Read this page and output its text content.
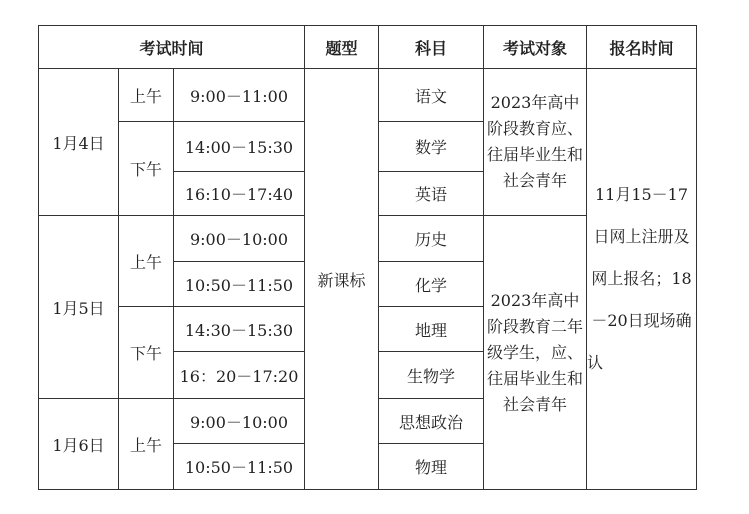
考试时间			题型	科目	考试对象	报名时间
1月4日	上午	9:00－11:00	新课标	语文	2023年高中阶段教育应、往届毕业生和社会青年	11月15－17日网上注册及网上报名；18－20日现场确认
	下午	14:00－15:30		数学		
		16:10－17:40		英语		
1月5日	上午	9:00－10:00		历史	2023年高中阶段教育二年级学生，应、往届毕业生和社会青年	
		10:50－11:50		化学		
	下午	14:30－15:30		地理		
		16：20－17:20		生物学		
1月6日	上午	9:00－10:00		思想政治		
		10:50－11:50		物理		
